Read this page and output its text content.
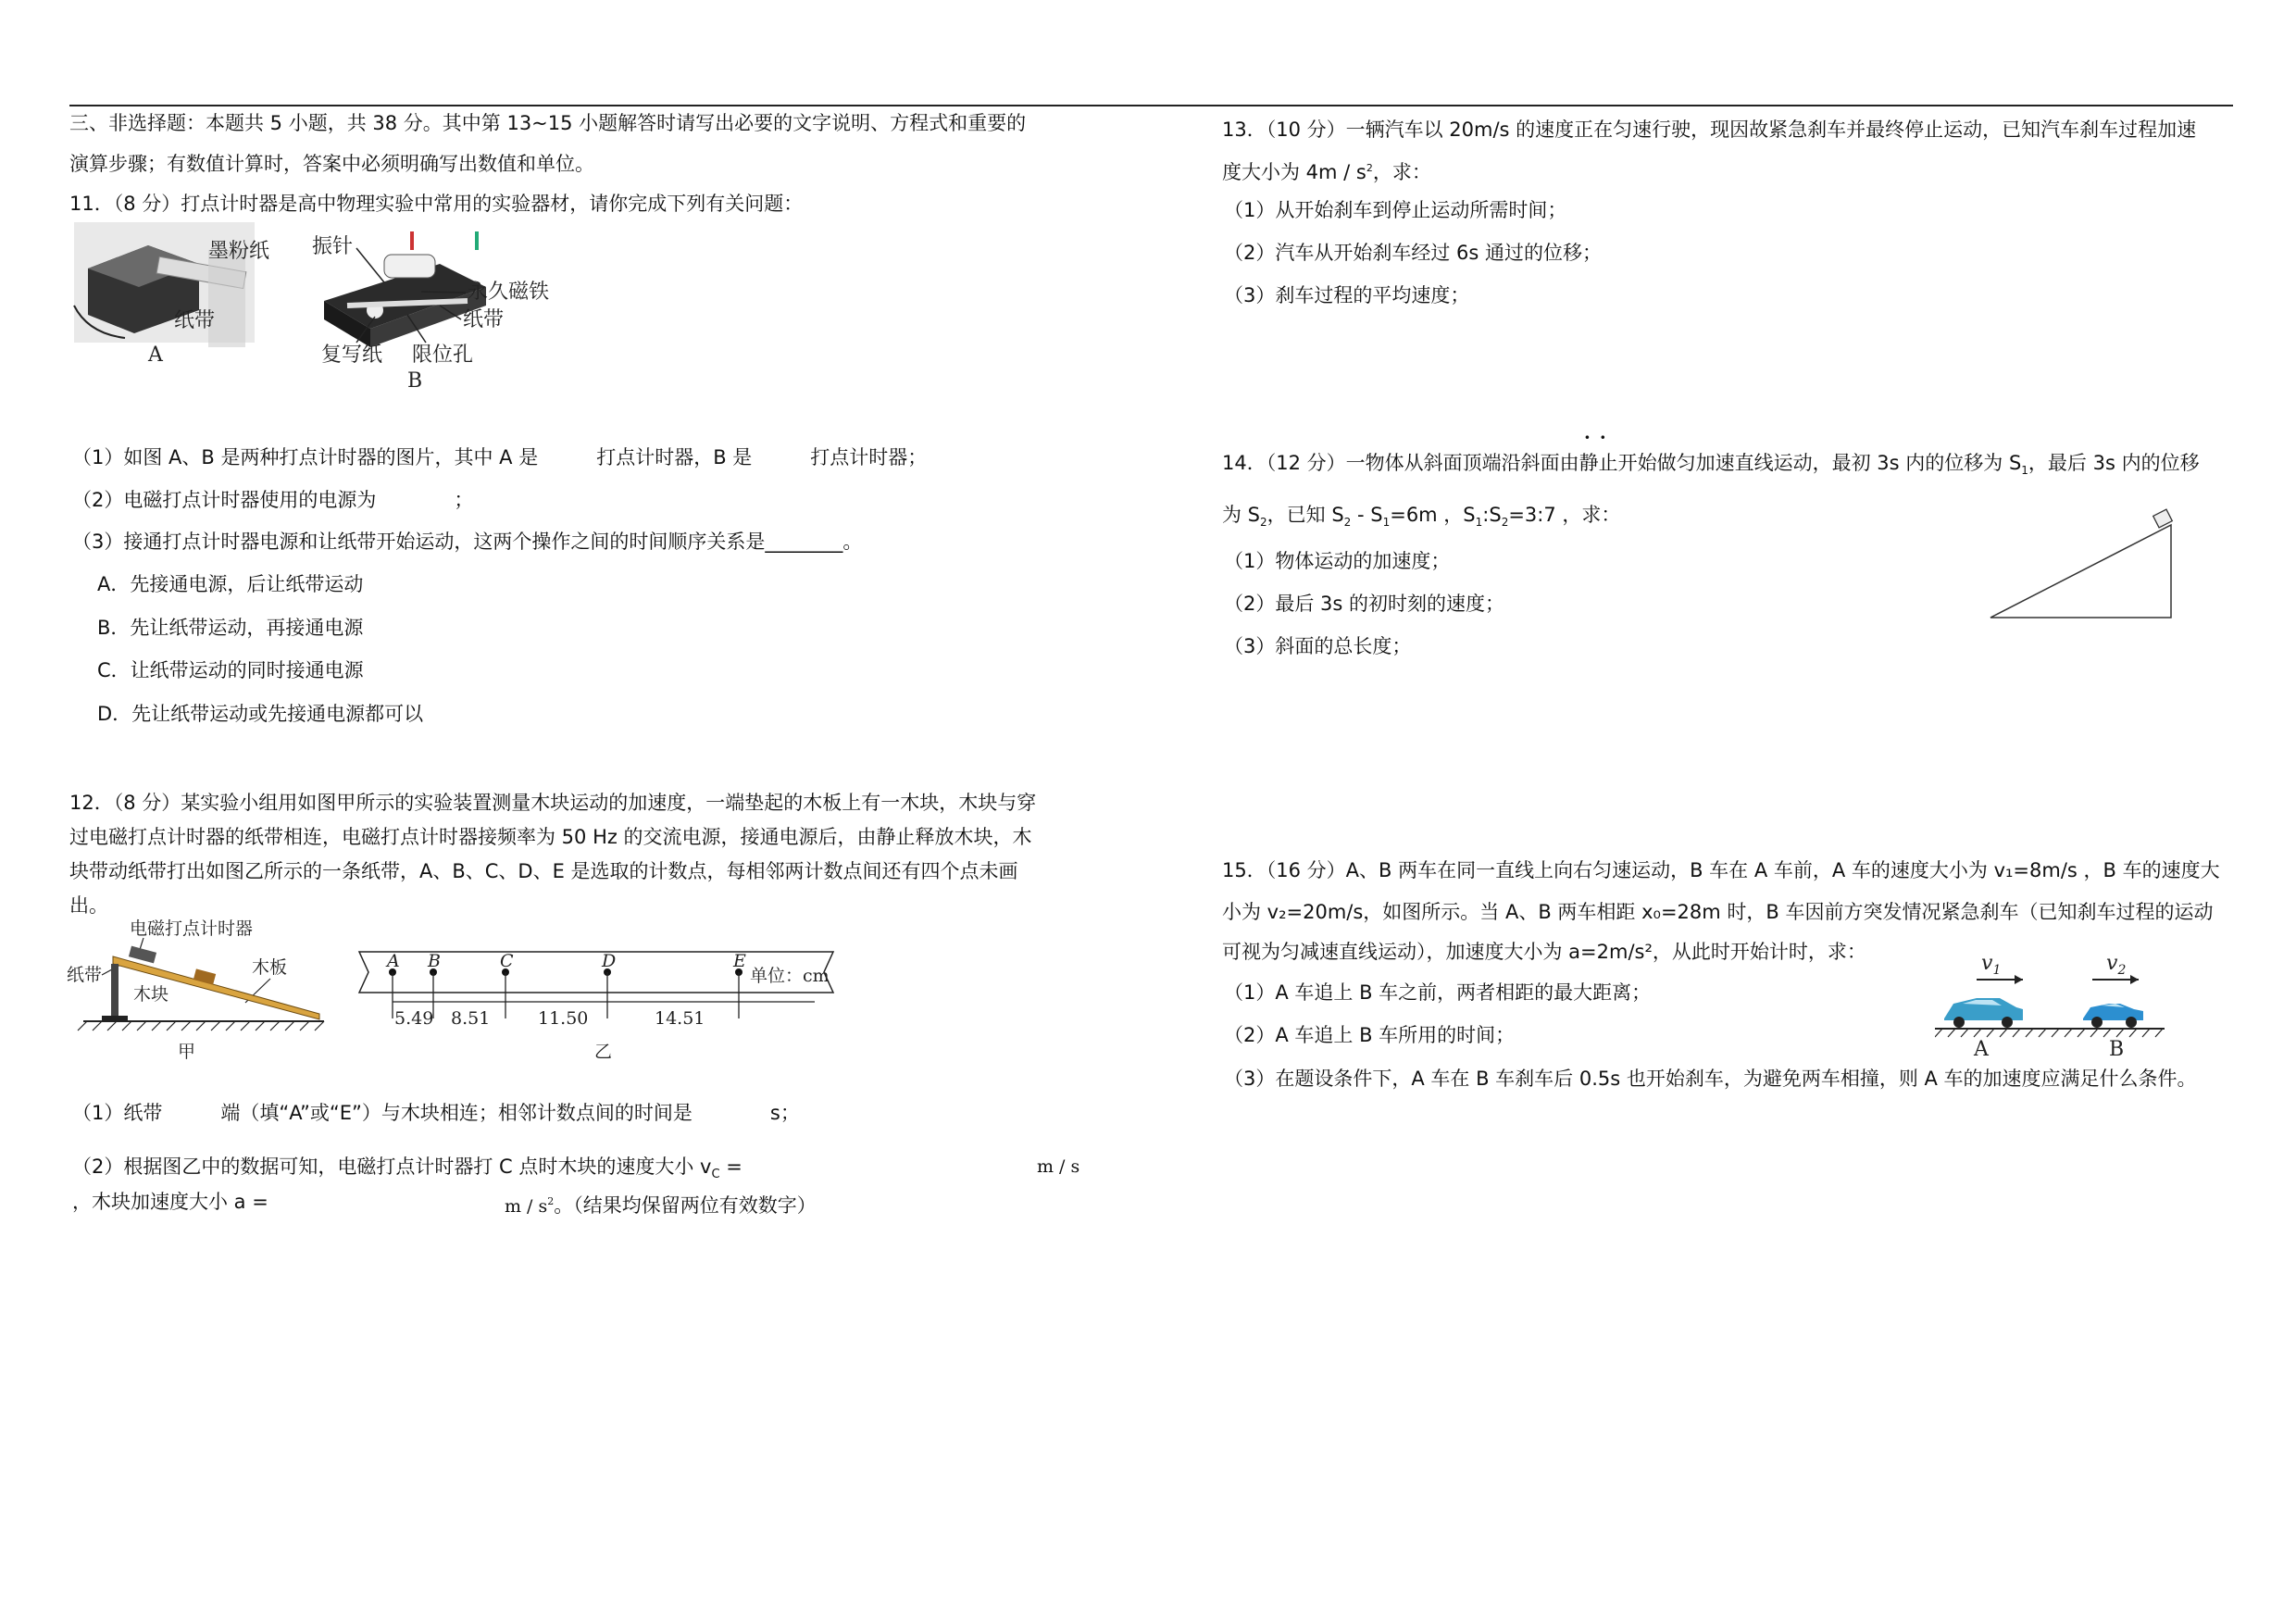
三、非选择题：本题共 5 小题，共 38 分。其中第 13~15 小题解答时请写出必要的文字说明、方程式和重要的
演算步骤；有数值计算时，答案中必须明确写出数值和单位。
11．（8 分）打点计时器是高中物理实验中常用的实验器材，请你完成下列有关问题：
墨粉纸
纸带
A
振针
永久磁铁
纸带
复写纸 限位孔
B
（1）如图 A、B 是两种打点计时器的图片，其中 A 是　　　打点计时器，B 是　　　打点计时器；
（2）电磁打点计时器使用的电源为　　　　；
（3）接通打点计时器电源和让纸带开始运动，这两个操作之间的时间顺序关系是________。
A．先接通电源，后让纸带运动
B．先让纸带运动，再接通电源
C．让纸带运动的同时接通电源
D．先让纸带运动或先接通电源都可以
12．（8 分）某实验小组用如图甲所示的实验装置测量木块运动的加速度，一端垫起的木板上有一木块，木块与穿
过电磁打点计时器的纸带相连，电磁打点计时器接频率为 50 Hz 的交流电源，接通电源后，由静止释放木块，木
块带动纸带打出如图乙所示的一条纸带，A、B、C、D、E 是选取的计数点，每相邻两计数点间还有四个点未画
出。
电磁打点计时器
纸带	木板
木块
甲
A B	C	D	E
5.49 8.51	11.50	14.51
单位：cm
乙
（1）纸带　　　端（填“A”或“E”）与木块相连；相邻计数点间的时间是　　　　s；
（2）根据图乙中的数据可知，电磁打点计时器打 C 点时木块的速度大小 $v_C$ =	m / s
，木块加速度大小 a =	m / $s^2$。（结果均保留两位有效数字）
13．（10 分）一辆汽车以 20m/s 的速度正在匀速行驶，现因故紧急刹车并最终停止运动，已知汽车刹车过程加速
度大小为 $4m / s^2$，求：
（1）从开始刹车到停止运动所需时间；
（2）汽车从开始刹车经过 6s 通过的位移；
（3）刹车过程的平均速度；
··
14．（12 分）一物体从斜面顶端沿斜面由静止开始做匀加速直线运动，最初 3s 内的位移为 $S_1$，最后 3s 内的位移
为 $S_2$，已知 $S_2 - S_1=6m$ ，$S_1:S_2=3:7$ ，求：
（1）物体运动的加速度；
（2）最后 3s 的初时刻的速度；
（3）斜面的总长度；
15．（16 分）A、B 两车在同一直线上向右匀速运动，B 车在 A 车前，A 车的速度大小为 v₁=8m/s ，B 车的速度大
小为 v₂=20m/s，如图所示。当 A、B 两车相距 x₀=28m 时，B 车因前方突发情况紧急刹车（已知刹车过程的运动
可视为匀减速直线运动），加速度大小为 a=2m/s²，从此时开始计时，求：
（1）A 车追上 B 车之前，两者相距的最大距离；
（2）A 车追上 B 车所用的时间；
（3）在题设条件下，A 车在 B 车刹车后 0.5s 也开始刹车，为避免两车相撞，则 A 车的加速度应满足什么条件。
$v_1$	$v_2$
A	B
